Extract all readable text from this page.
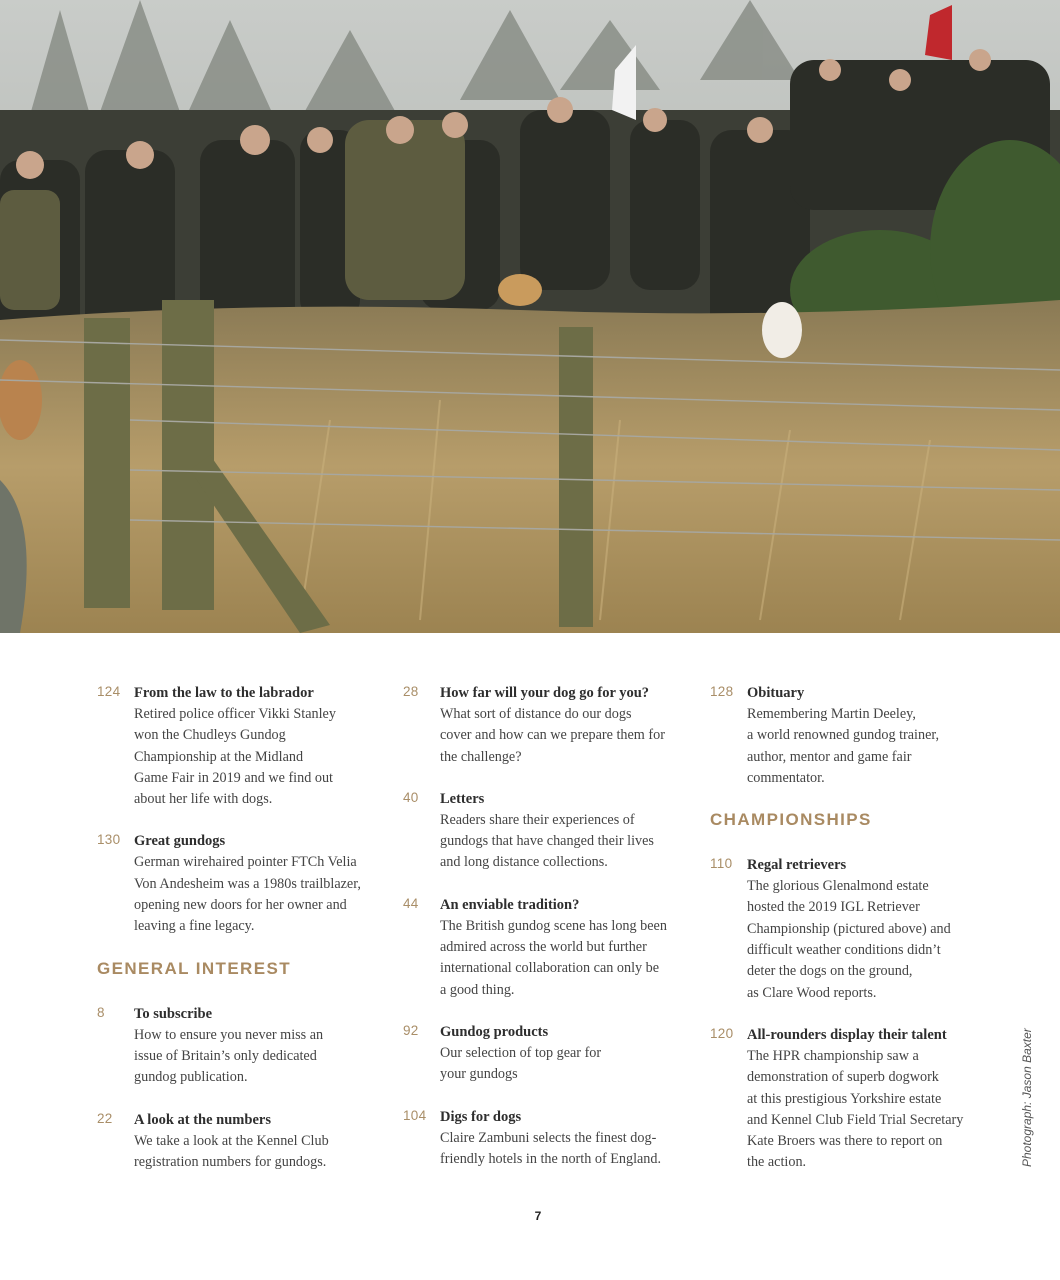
124 From the law to the labrador
Retired police officer Vikki Stanley
won the Chudleys Gundog
Championship at the Midland
Game Fair in 2019 and we find out
about her life with dogs.
130 Great gundogs
German wirehaired pointer FTCh Velia
Von Andesheim was a 1980s trailblazer,
opening new doors for her owner and
leaving a fine legacy.
GENERAL INTEREST
8 To subscribe
How to ensure you never miss an
issue of Britain’s only dedicated
gundog publication.
22 A look at the numbers
We take a look at the Kennel Club
registration numbers for gundogs.
28 How far will your dog go for you?
What sort of distance do our dogs
cover and how can we prepare them for
the challenge?
40 Letters
Readers share their experiences of
gundogs that have changed their lives
and long distance collections.
44 An enviable tradition?
The British gundog scene has long been
admired across the world but further
international collaboration can only be
a good thing.
92 Gundog products
Our selection of top gear for
your gundogs
104 Digs for dogs
Claire Zambuni selects the finest dog-
friendly hotels in the north of England.
128 Obituary
Remembering Martin Deeley,
a world renowned gundog trainer,
author, mentor and game fair
commentator.
CHAMPIONSHIPS
110 Regal retrievers
The glorious Glenalmond estate
hosted the 2019 IGL Retriever
Championship (pictured above) and
difficult weather conditions didn’t
deter the dogs on the ground,
as Clare Wood reports.
120 All-rounders display their talent
The HPR championship saw a
demonstration of superb dogwork
at this prestigious Yorkshire estate
and Kennel Club Field Trial Secretary
Kate Broers was there to report on
the action.	Photograph: Jason Baxter
7
